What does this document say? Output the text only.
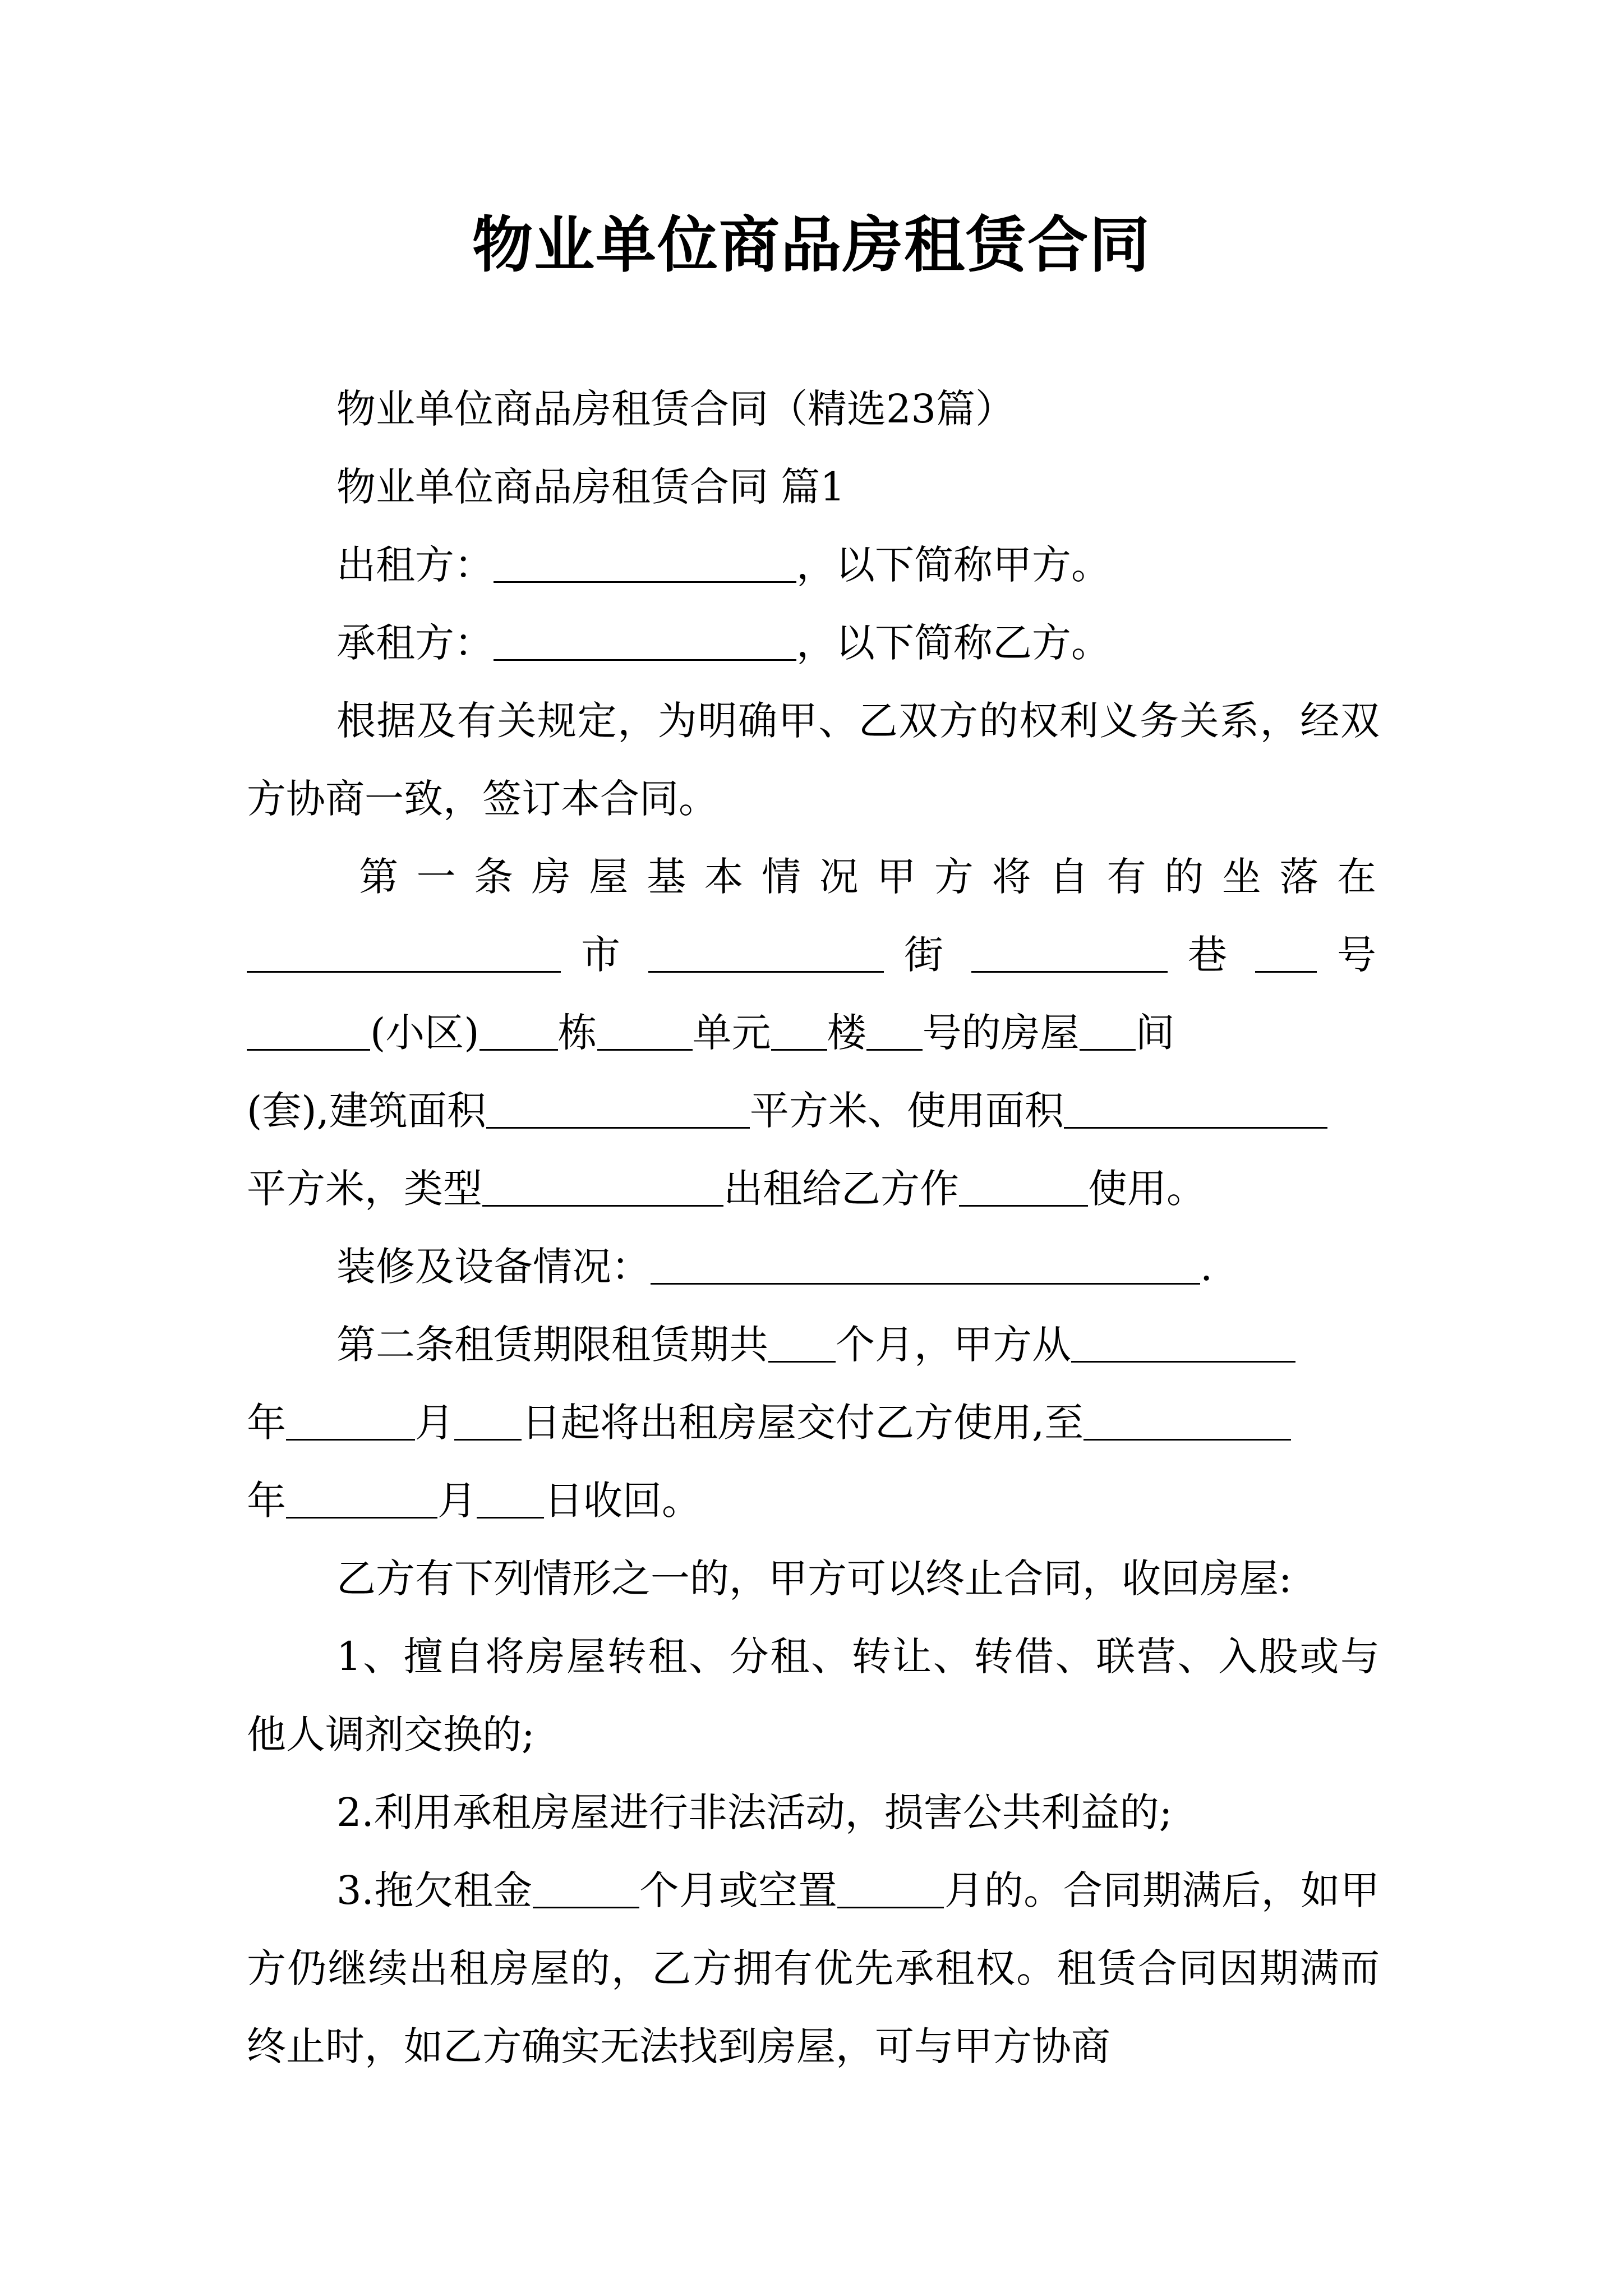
物业单位商品房租赁合同

物业单位商品房租赁合同（精选23篇）

物业单位商品房租赁合同 篇1

出租方：	，以下简称甲方。

承租方：	，以下简称乙方。

根据及有关规定，为明确甲、乙双方的权利义务关系，经双方协商一致，签订本合同。

第一条房屋基本情况甲方将自有的坐落在

市	街	巷	号

(小区) 栋 单元 楼 号的房屋 间

(套),建筑面积	平方米、使用面积

平方米，类型	出租给乙方作	使用。

装修及设备情况：	.

第二条租赁期限租赁期共 个月，甲方从

年	月 日起将出租房屋交付乙方使用,至

年	月 日收回。

乙方有下列情形之一的，甲方可以终止合同，收回房屋:

1、擅自将房屋转租、分租、转让、转借、联营、入股或与他人调剂交换的;

2.利用承租房屋进行非法活动，损害公共利益的;

3.拖欠租金	个月或空置	月的。合同期满后，如甲方仍继续出租房屋的，乙方拥有优先承租权。租赁合同因期满而终止时，如乙方确实无法找到房屋，可与甲方协商
